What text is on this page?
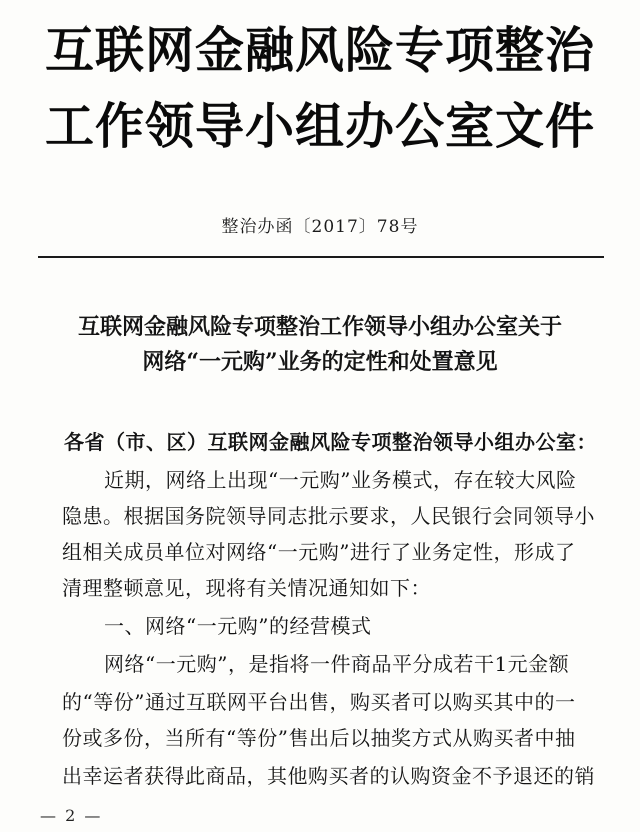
互联网金融风险专项整治
工作领导小组办公室文件
整治办函〔2017〕78号
互联网金融风险专项整治工作领导小组办公室关于
网络“一元购”业务的定性和处置意见
各省（市、区）互联网金融风险专项整治领导小组办公室：
近期，网络上出现“一元购”业务模式，存在较大风险
隐患。根据国务院领导同志批示要求，人民银行会同领导小
组相关成员单位对网络“一元购”进行了业务定性，形成了
清理整顿意见，现将有关情况通知如下：
一、网络“一元购”的经营模式
网络“一元购”，是指将一件商品平分成若干1元金额
的“等份”通过互联网平台出售，购买者可以购买其中的一
份或多份，当所有“等份”售出后以抽奖方式从购买者中抽
出幸运者获得此商品，其他购买者的认购资金不予退还的销
— 2 —
